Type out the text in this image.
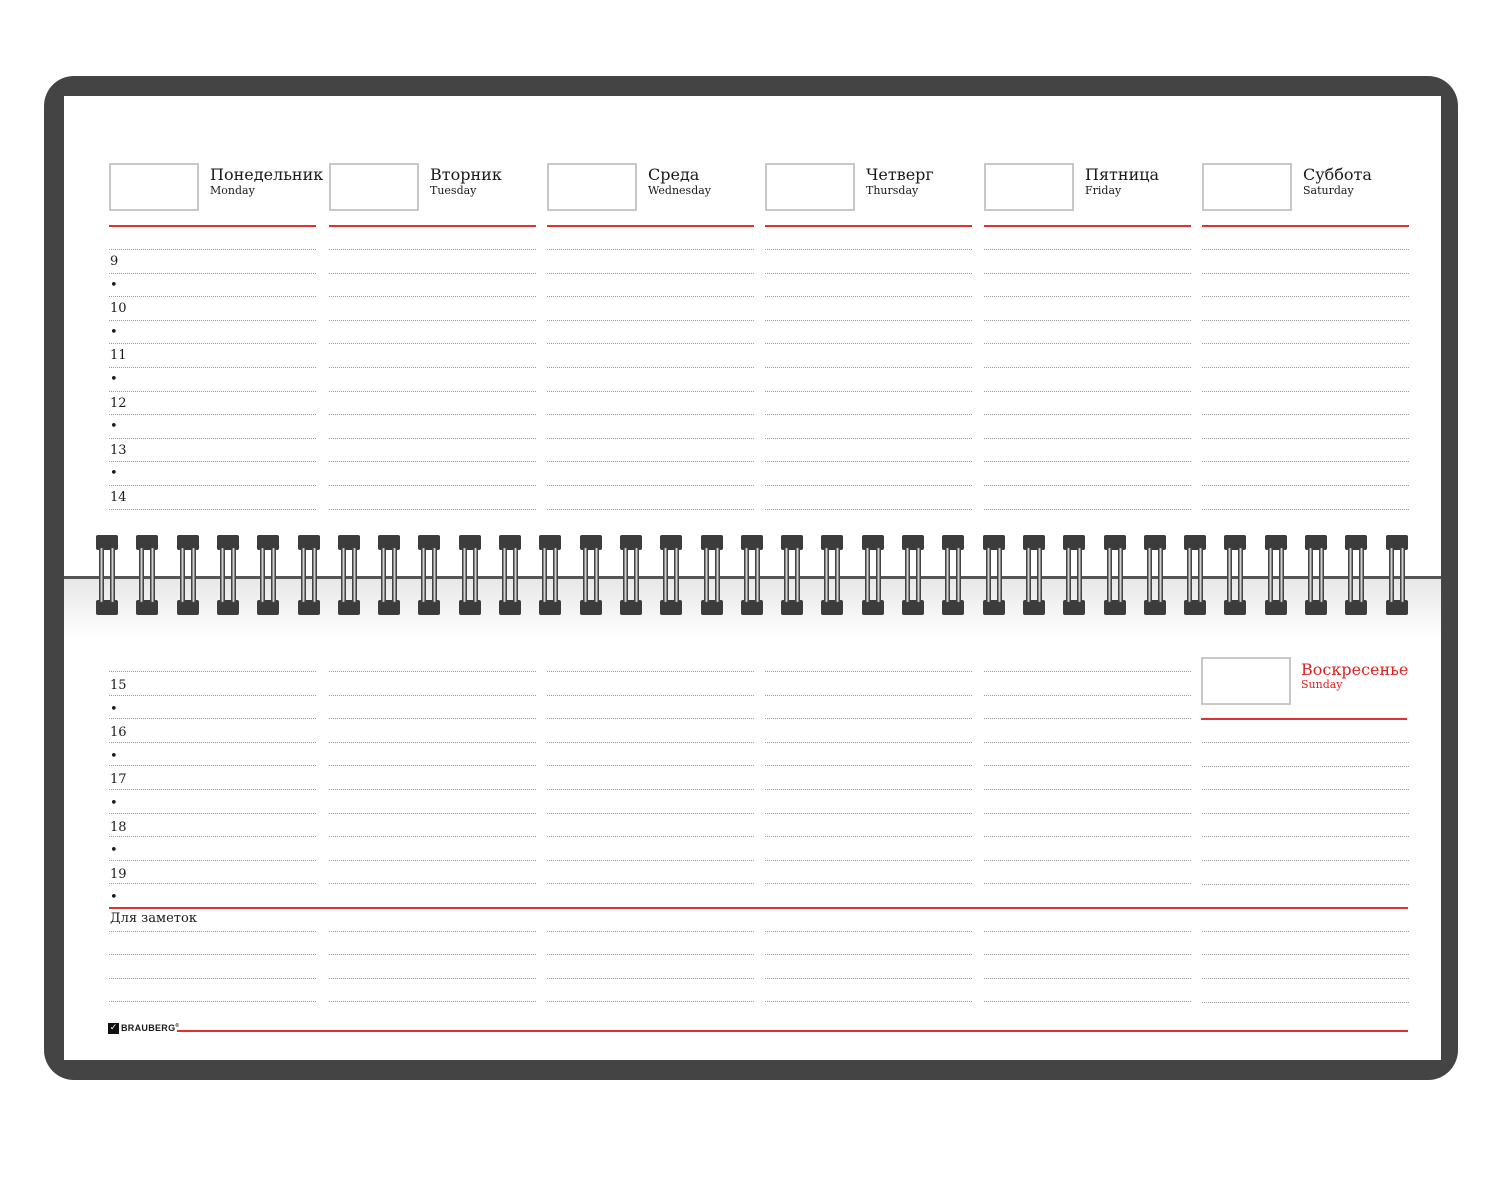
Понедельник
Monday
Вторник
Tuesday
Среда
Wednesday
Четверг
Thursday
Пятница
Friday
Суббота
Saturday
9
•
10
•
11
•
12
•
13
•
14
15
•
16
•
17
•
18
•
19
•
Воскресенье
Sunday
Для заметок
✓ BRAUBERG®
